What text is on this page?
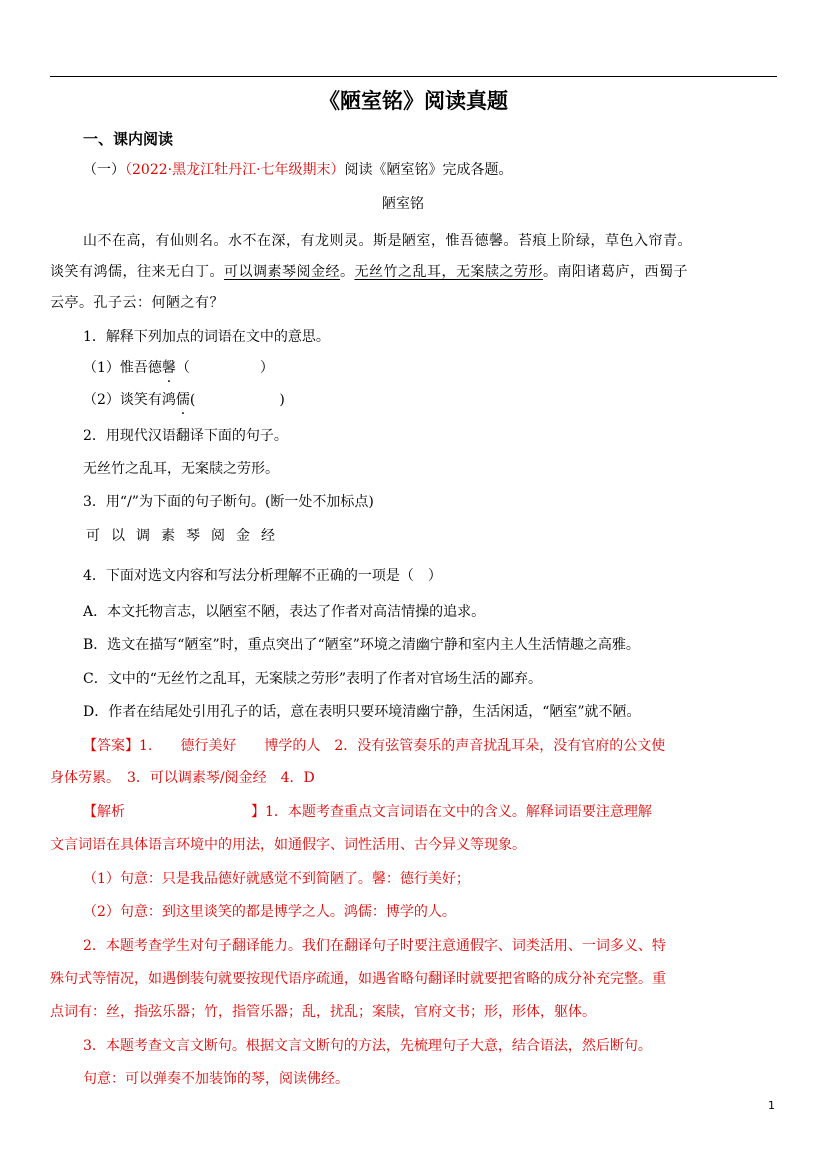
《陋室铭》阅读真题
一、课内阅读
（一）（2022·黑龙江牡丹江·七年级期末）阅读《陋室铭》完成各题。
陋室铭
山不在高，有仙则名。水不在深，有龙则灵。斯是陋室，惟吾德馨。苔痕上阶绿，草色入帘青。
谈笑有鸿儒，往来无白丁。可以调素琴阅金经。无丝竹之乱耳，无案牍之劳形。南阳诸葛庐，西蜀子
云亭。孔子云：何陋之有？
1．解释下列加点的词语在文中的意思。
（1）惟吾德馨（　　　　　）
（2）谈笑有鸿儒(　　　　　　)
2．用现代汉语翻译下面的句子。
无丝竹之乱耳，无案牍之劳形。
3．用“/”为下面的句子断句。(断一处不加标点)
可以调素琴阅金经
4．下面对选文内容和写法分析理解不正确的一项是（　）
A．本文托物言志，以陋室不陋，表达了作者对高洁情操的追求。
B．选文在描写“陋室”时，重点突出了“陋室”环境之清幽宁静和室内主人生活情趣之高雅。
C．文中的“无丝竹之乱耳，无案牍之劳形”表明了作者对官场生活的鄙弃。
D．作者在结尾处引用孔子的话，意在表明只要环境清幽宁静，生活闲适，“陋室”就不陋。
【答案】1.　　德行美好　　博学的人　2．没有弦管奏乐的声音扰乱耳朵，没有官府的公文使
身体劳累。　3．可以调素琴/阅金经　4．D
【解析　　　　　　　　　】1．本题考查重点文言词语在文中的含义。解释词语要注意理解
文言词语在具体语言环境中的用法，如通假字、词性活用、古今异义等现象。
（1）句意：只是我品德好就感觉不到简陋了。馨：德行美好；
（2）句意：到这里谈笑的都是博学之人。鸿儒：博学的人。
2．本题考查学生对句子翻译能力。我们在翻译句子时要注意通假字、词类活用、一词多义、特
殊句式等情况，如遇倒装句就要按现代语序疏通，如遇省略句翻译时就要把省略的成分补充完整。重
点词有：丝，指弦乐器；竹，指管乐器；乱，扰乱；案牍，官府文书；形，形体，躯体。
3．本题考查文言文断句。根据文言文断句的方法，先梳理句子大意，结合语法，然后断句。
句意：可以弹奏不加装饰的琴，阅读佛经。
1
